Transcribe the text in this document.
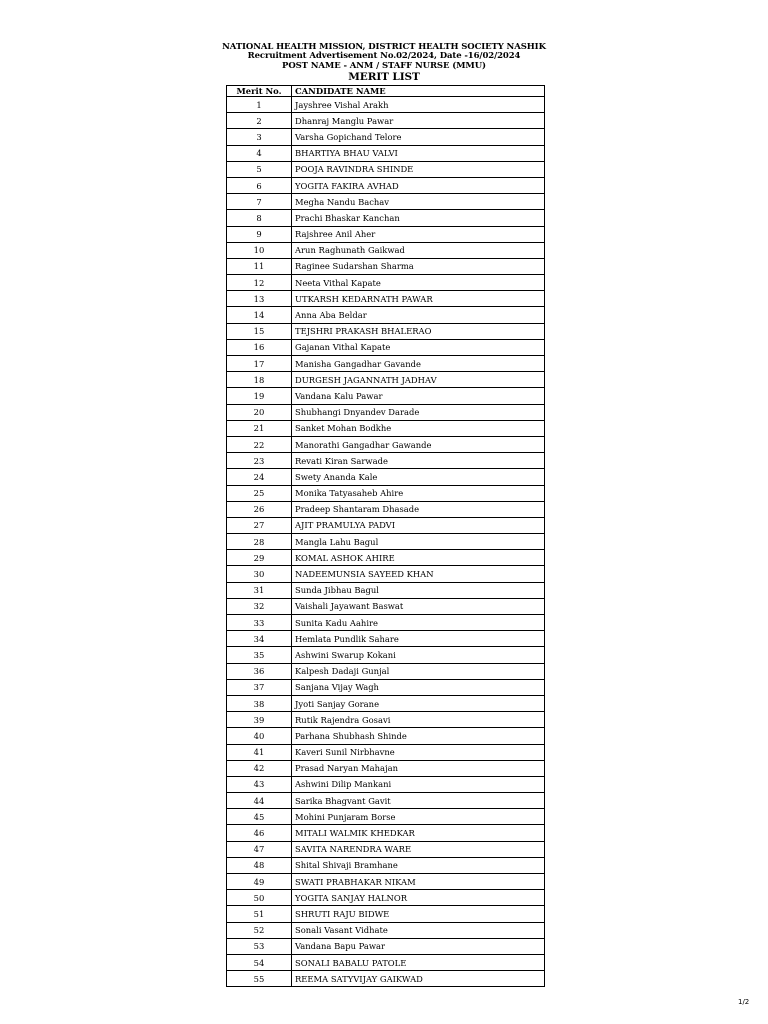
NATIONAL HEALTH MISSION, DISTRICT HEALTH SOCIETY NASHIK
Recruitment Advertisement No.02/2024, Date -16/02/2024
POST NAME - ANM / STAFF NURSE (MMU)
MERIT LIST
Merit No.	CANDIDATE NAME
1	Jayshree Vishal Arakh
2	Dhanraj Manglu Pawar
3	Varsha Gopichand Telore
4	BHARTIYA BHAU VALVI
5	POOJA RAVINDRA SHINDE
6	YOGITA FAKIRA AVHAD
7	Megha Nandu Bachav
8	Prachi Bhaskar Kanchan
9	Rajshree Anil Aher
10	Arun Raghunath Gaikwad
11	Raginee Sudarshan Sharma
12	Neeta Vithal Kapate
13	UTKARSH KEDARNATH PAWAR
14	Anna Aba Beldar
15	TEJSHRI PRAKASH BHALERAO
16	Gajanan Vithal Kapate
17	Manisha Gangadhar Gavande
18	DURGESH JAGANNATH JADHAV
19	Vandana Kalu Pawar
20	Shubhangi Dnyandev Darade
21	Sanket Mohan Bodkhe
22	Manorathi Gangadhar Gawande
23	Revati Kiran Sarwade
24	Swety Ananda Kale
25	Monika Tatyasaheb Ahire
26	Pradeep Shantaram Dhasade
27	AJIT PRAMULYA PADVI
28	Mangla Lahu Bagul
29	KOMAL ASHOK AHIRE
30	NADEEMUNSIA SAYEED KHAN
31	Sunda Jibhau Bagul
32	Vaishali Jayawant Baswat
33	Sunita Kadu Aahire
34	Hemlata Pundlik Sahare
35	Ashwini Swarup Kokani
36	Kalpesh Dadaji Gunjal
37	Sanjana Vijay Wagh
38	Jyoti Sanjay Gorane
39	Rutik Rajendra Gosavi
40	Parhana Shubhash Shinde
41	Kaveri Sunil Nirbhavne
42	Prasad Naryan Mahajan
43	Ashwini Dilip Mankani
44	Sarika Bhagvant Gavit
45	Mohini Punjaram Borse
46	MITALI WALMIK KHEDKAR
47	SAVITA NARENDRA WARE
48	Shital Shivaji Bramhane
49	SWATI PRABHAKAR NIKAM
50	YOGITA SANJAY HALNOR
51	SHRUTI RAJU BIDWE
52	Sonali Vasant Vidhate
53	Vandana Bapu Pawar
54	SONALI BABALU PATOLE
55	REEMA SATYVIJAY GAIKWAD
1/2
